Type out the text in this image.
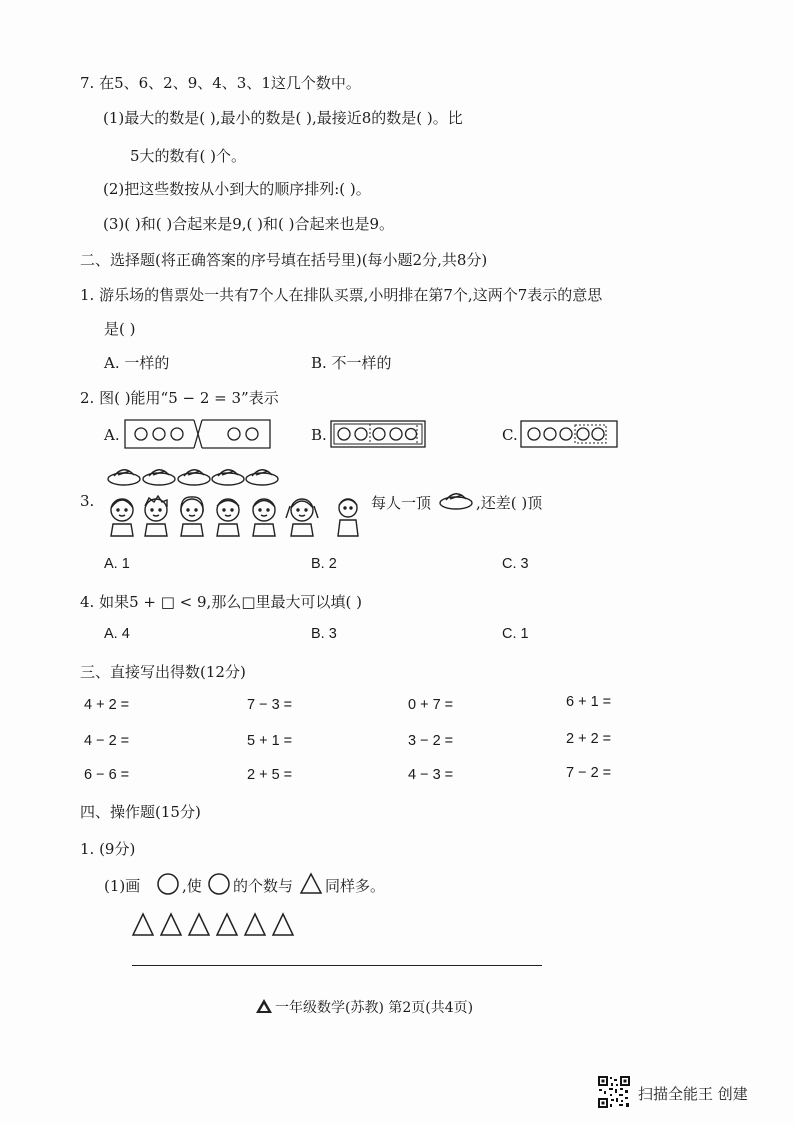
7. 在5、6、2、9、4、3、1这几个数中。
(1)最大的数是( ),最小的数是( ),最接近8的数是( )。比
5大的数有( )个。
(2)把这些数按从小到大的顺序排列:( )。
(3)( )和( )合起来是9,( )和( )合起来也是9。
二、选择题(将正确答案的序号填在括号里)(每小题2分,共8分)
1. 游乐场的售票处一共有7个人在排队买票,小明排在第7个,这两个7表示的意思
是( )
A. 一样的	B. 不一样的
2. 图( )能用“5 − 2 = 3”表示
A.	B.	C.
3.	每人一顶	,还差( )顶
A. 1	B. 2	C. 3
4. 如果5 + □ < 9,那么□里最大可以填( )
A. 4	B. 3	C. 1
三、直接写出得数(12分)
4 + 2 =	7 − 3 =	0 + 7 =	6 + 1 =
4 − 2 =	5 + 1 =	3 − 2 =	2 + 2 =
6 − 6 =	2 + 5 =	4 − 3 =	7 − 2 =
四、操作题(15分)
1. (9分)
(1)画	,使 的个数与 同样多。
一年级数学(苏教) 第2页(共4页)
扫描全能王 创建
